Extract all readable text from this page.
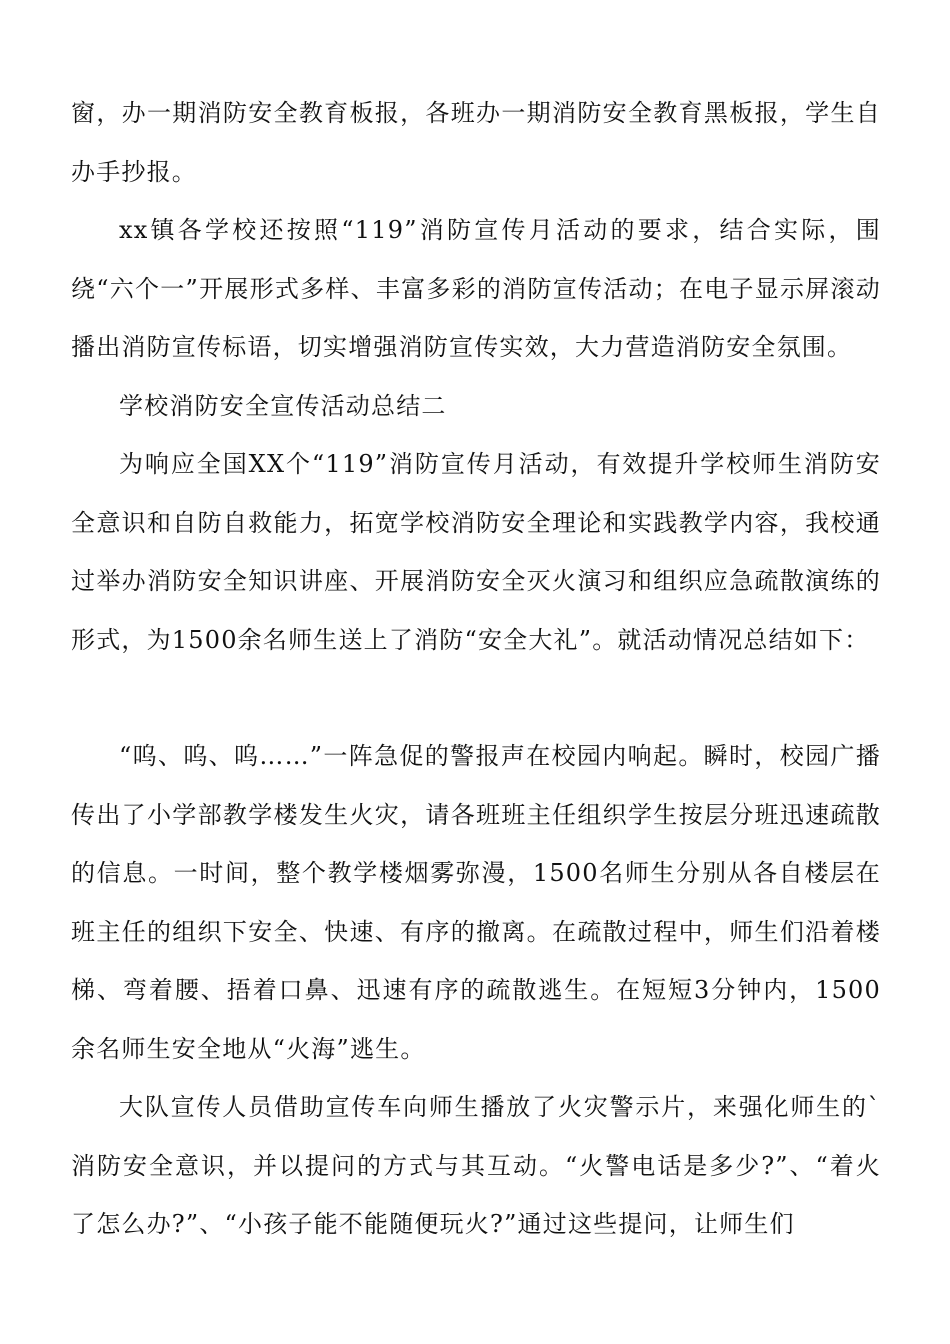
窗，办一期消防安全教育板报，各班办一期消防安全教育黑板报，学生自办手抄报。

xx镇各学校还按照“119”消防宣传月活动的要求，结合实际，围绕“六个一”开展形式多样、丰富多彩的消防宣传活动；在电子显示屏滚动播出消防宣传标语，切实增强消防宣传实效，大力营造消防安全氛围。

学校消防安全宣传活动总结二

为响应全国XX个“119”消防宣传月活动，有效提升学校师生消防安全意识和自防自救能力，拓宽学校消防安全理论和实践教学内容，我校通过举办消防安全知识讲座、开展消防安全灭火演习和组织应急疏散演练的形式，为1500余名师生送上了消防“安全大礼”。就活动情况总结如下：

“呜、呜、呜……”一阵急促的警报声在校园内响起。瞬时，校园广播传出了小学部教学楼发生火灾，请各班班主任组织学生按层分班迅速疏散的信息。一时间，整个教学楼烟雾弥漫，1500名师生分别从各自楼层在班主任的组织下安全、快速、有序的撤离。在疏散过程中，师生们沿着楼梯、弯着腰、捂着口鼻、迅速有序的疏散逃生。在短短3分钟内，1500余名师生安全地从“火海”逃生。

大队宣传人员借助宣传车向师生播放了火灾警示片，来强化师生的`消防安全意识，并以提问的方式与其互动。“火警电话是多少?”、“着火了怎么办?”、“小孩子能不能随便玩火?”通过这些提问，让师生们
